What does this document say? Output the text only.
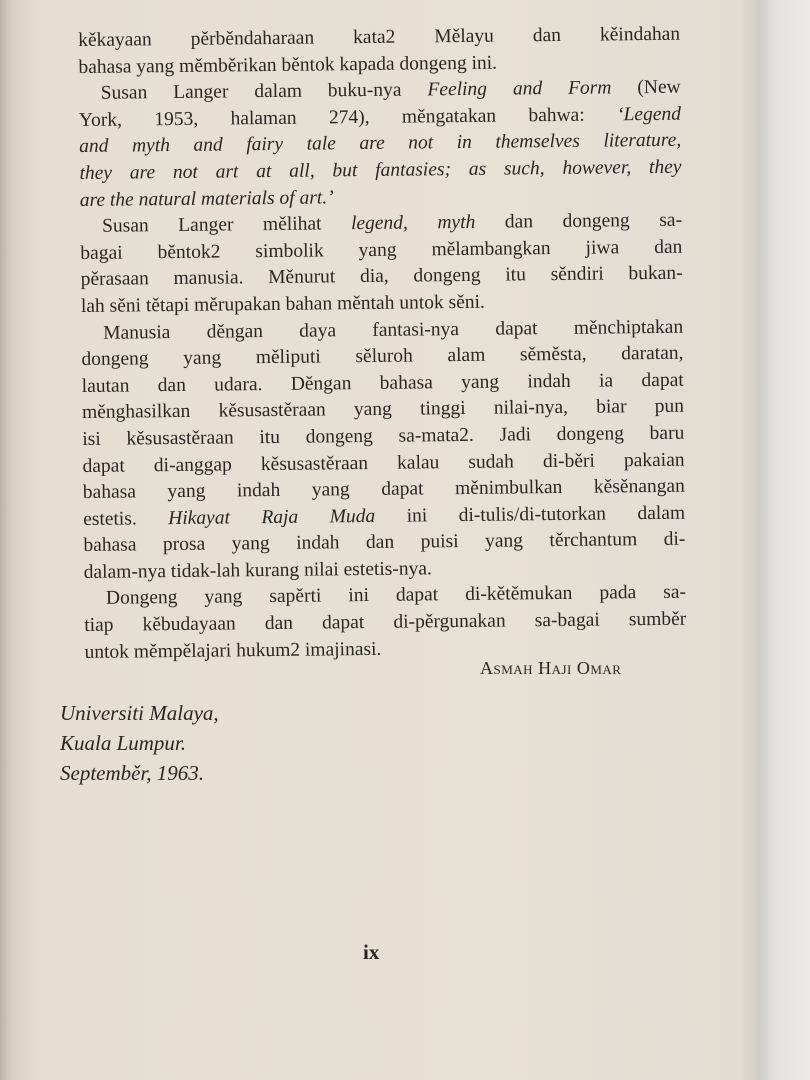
kěkayaan pěrběndaharaan kata2 Mělayu dan kěindahan
bahasa yang měmběrikan běntok kapada dongeng ini.
Susan Langer dalam buku-nya Feeling and Form (New
York, 1953, halaman 274), měngatakan bahwa: ‘Legend
and myth and fairy tale are not in themselves literature,
they are not art at all, but fantasies; as such, however, they
are the natural materials of art.’
Susan Langer mělihat legend, myth dan dongeng sa-
bagai běntok2 simbolik yang mělambangkan jiwa dan
pěrasaan manusia. Měnurut dia, dongeng itu sěndiri bukan-
lah sěni tětapi měrupakan bahan měntah untok sěni.
Manusia děngan daya fantasi-nya dapat měnchiptakan
dongeng yang měliputi sěluroh alam sěměsta, daratan,
lautan dan udara. Děngan bahasa yang indah ia dapat
měnghasilkan kěsusastěraan yang tinggi nilai-nya, biar pun
isi kěsusastěraan itu dongeng sa-mata2. Jadi dongeng baru
dapat di-anggap kěsusastěraan kalau sudah di-běri pakaian
bahasa yang indah yang dapat měnimbulkan kěsěnangan
estetis. Hikayat Raja Muda ini di-tulis/di-tutorkan dalam
bahasa prosa yang indah dan puisi yang těrchantum di-
dalam-nya tidak-lah kurang nilai estetis-nya.
Dongeng yang sapěrti ini dapat di-kětěmukan pada sa-
tiap kěbudayaan dan dapat di-pěrgunakan sa-bagai sumběr
untok měmpělajari hukum2 imajinasi.
Asmah Haji Omar
Universiti Malaya,
Kuala Lumpur.
Septemběr, 1963.
ix
